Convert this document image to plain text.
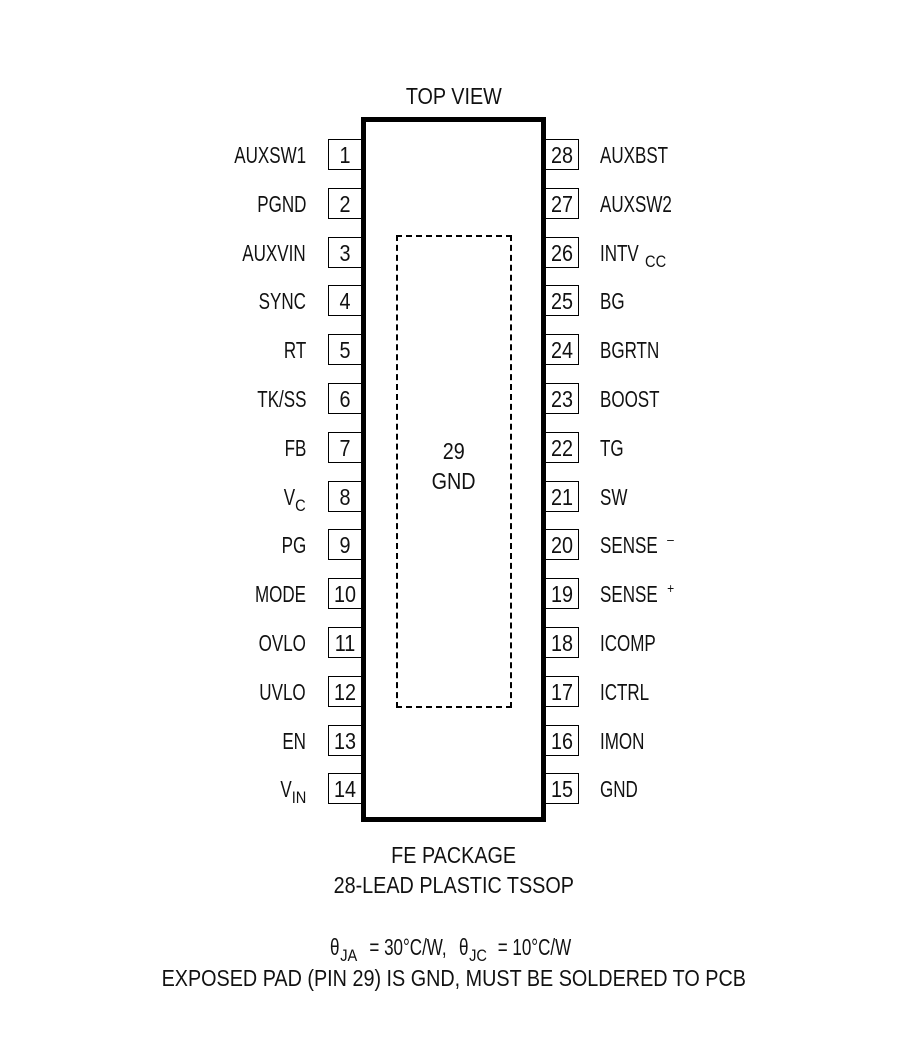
TOP VIEW
29
GND
1
AUXSW1
2
PGND
3
AUXVIN
4
SYNC
5
RT
6
TK/SS
7
FB
8
$V_C$
9
PG
10
MODE
11
OVLO
12
UVLO
13
EN
14
$V_{IN}$
28 AUXBST
27 AUXSW2
26 INTV $_{CC}$
25 BG
24 BGRTN
23 BOOST
22 TG
21 SW
20 SENSE –
19 SENSE +
18 ICOMP
17 ICTRL
16 IMON
15 GND
FE PACKAGE
28-LEAD PLASTIC TSSOP
$\theta_{JA} = 30^\circ C/W$, $\theta_{JC} = 10^\circ C/W$
EXPOSED PAD (PIN 29) IS GND, MUST BE SOLDERED TO PCB
